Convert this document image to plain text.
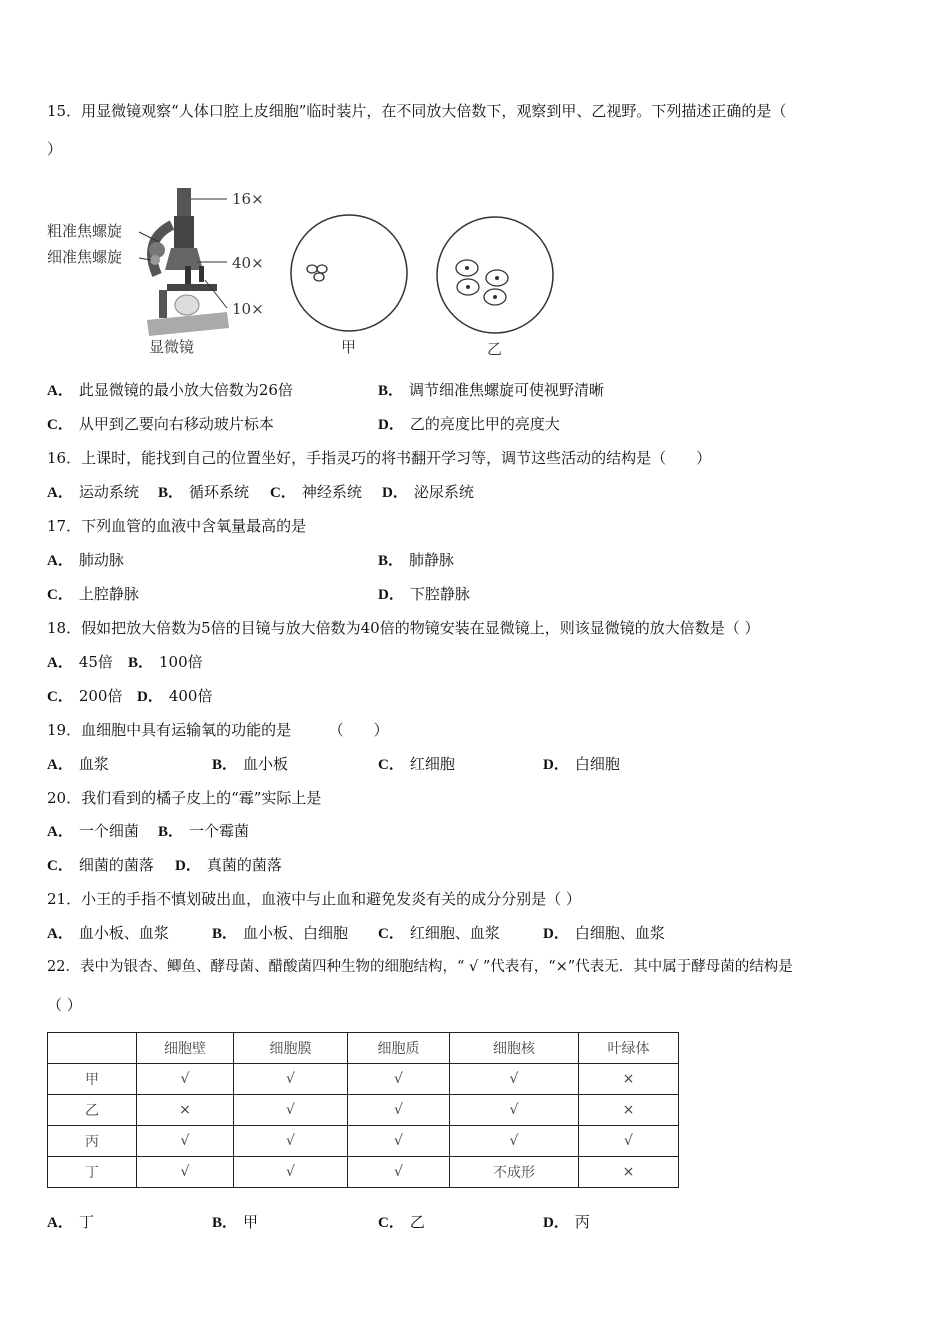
15．用显微镜观察“人体口腔上皮细胞”临时装片，在不同放大倍数下，观察到甲、乙视野。下列描述正确的是（
）
粗准焦螺旋
细准焦螺旋
16×
40×
10×
显微镜	甲	乙
A． 此显微镜的最小放大倍数为26倍	B． 调节细准焦螺旋可使视野清晰
C． 从甲到乙要向右移动玻片标本	D． 乙的亮度比甲的亮度大
16．上课时，能找到自己的位置坐好，手指灵巧的将书翻开学习等，调节这些活动的结构是（　　）
A． 运动系统 B． 循环系统 C． 神经系统 D． 泌尿系统
17．下列血管的血液中含氧量最高的是
A． 肺动脉	B． 肺静脉
C． 上腔静脉	D． 下腔静脉
18．假如把放大倍数为5倍的目镜与放大倍数为40倍的物镜安装在显微镜上，则该显微镜的放大倍数是（ ）
A． 45倍 B． 100倍
C． 200倍 D． 400倍
19．血细胞中具有运输氧的功能的是　　　（　　）
A． 血浆	B． 血小板	C． 红细胞	D． 白细胞
20．我们看到的橘子皮上的“霉”实际上是
A． 一个细菌 B． 一个霉菌
C． 细菌的菌落 D． 真菌的菌落
21．小王的手指不慎划破出血，血液中与止血和避免发炎有关的成分分别是（ ）
A． 血小板、血浆	B． 血小板、白细胞 C． 红细胞、血浆	D． 白细胞、血浆
22．表中为银杏、鲫鱼、酵母菌、醋酸菌四种生物的细胞结构，“ √ ”代表有，“×”代表无．其中属于酵母菌的结构是
（ ）
	细胞壁	细胞膜	细胞质	细胞核	叶绿体
甲	√	√	√	√	×
乙	×	√	√	√	×
丙	√	√	√	√	√
丁	√	√	√	不成形	×
A． 丁	B． 甲	C． 乙	D． 丙
